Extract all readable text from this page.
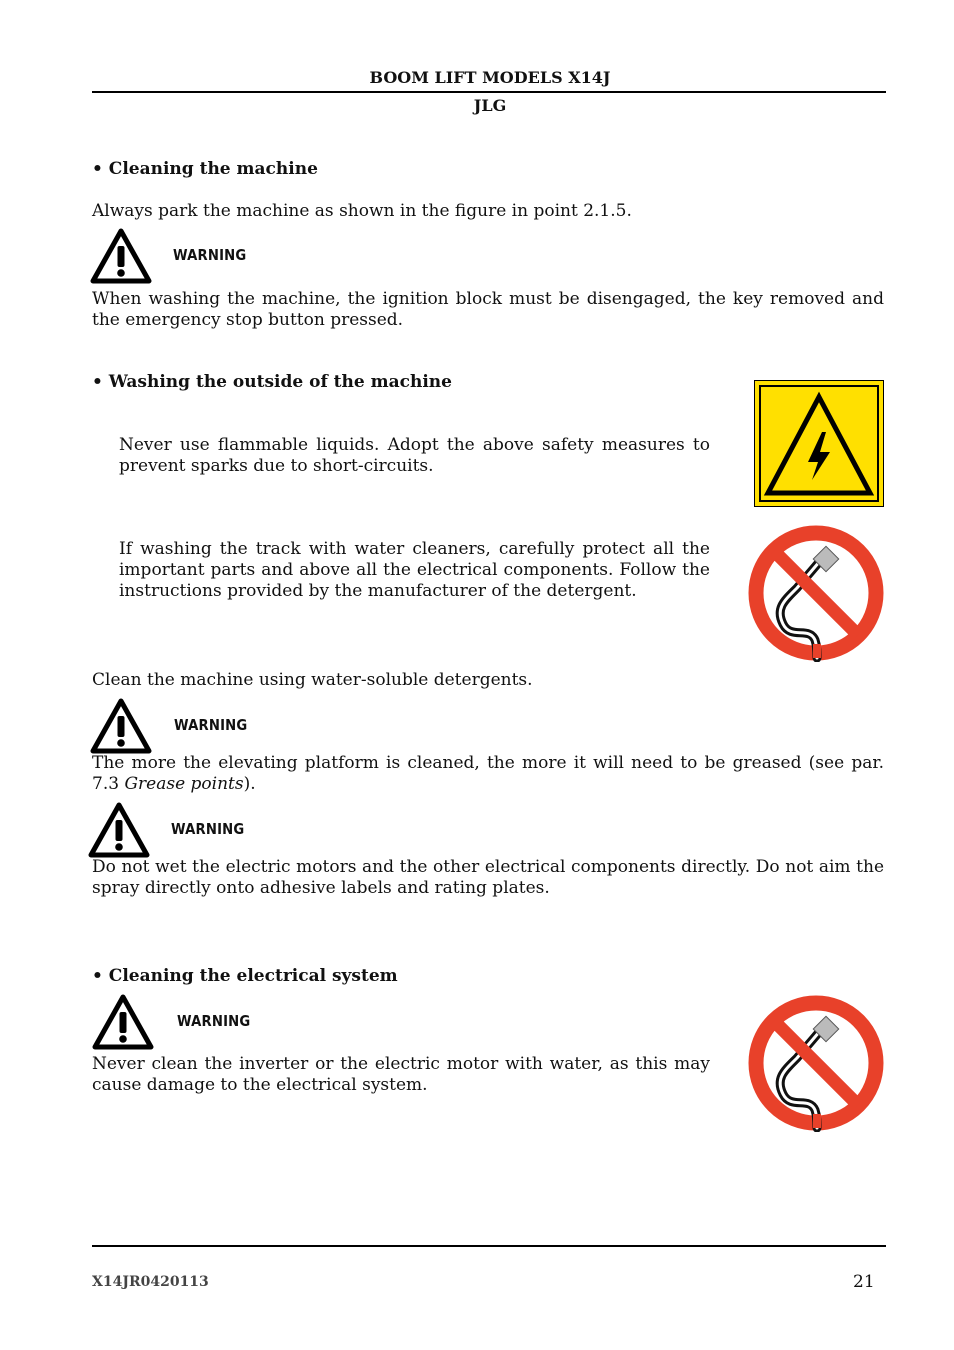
BOOM LIFT MODELS X14J
JLG
• Cleaning the machine
Always park the machine as shown in the figure in point 2.1.5.
WARNING
When washing the machine, the ignition block must be disengaged, the key removed and the emergency stop button pressed.
• Washing the outside of the machine
Never use flammable liquids. Adopt the above safety measures to prevent sparks due to short-circuits.
If washing the track with water cleaners, carefully protect all the important parts and above all the electrical components. Follow the instructions provided by the manufacturer of the detergent.
Clean the machine using water-soluble detergents.
WARNING
The more the elevating platform is cleaned, the more it will need to be greased (see par. 7.3 Grease points).
WARNING
Do not wet the electric motors and the other electrical components directly. Do not aim the spray directly onto adhesive labels and rating plates.
• Cleaning the electrical system
WARNING
Never clean the inverter or the electric motor with water, as this may cause damage to the electrical system.
X14JR0420113	21
